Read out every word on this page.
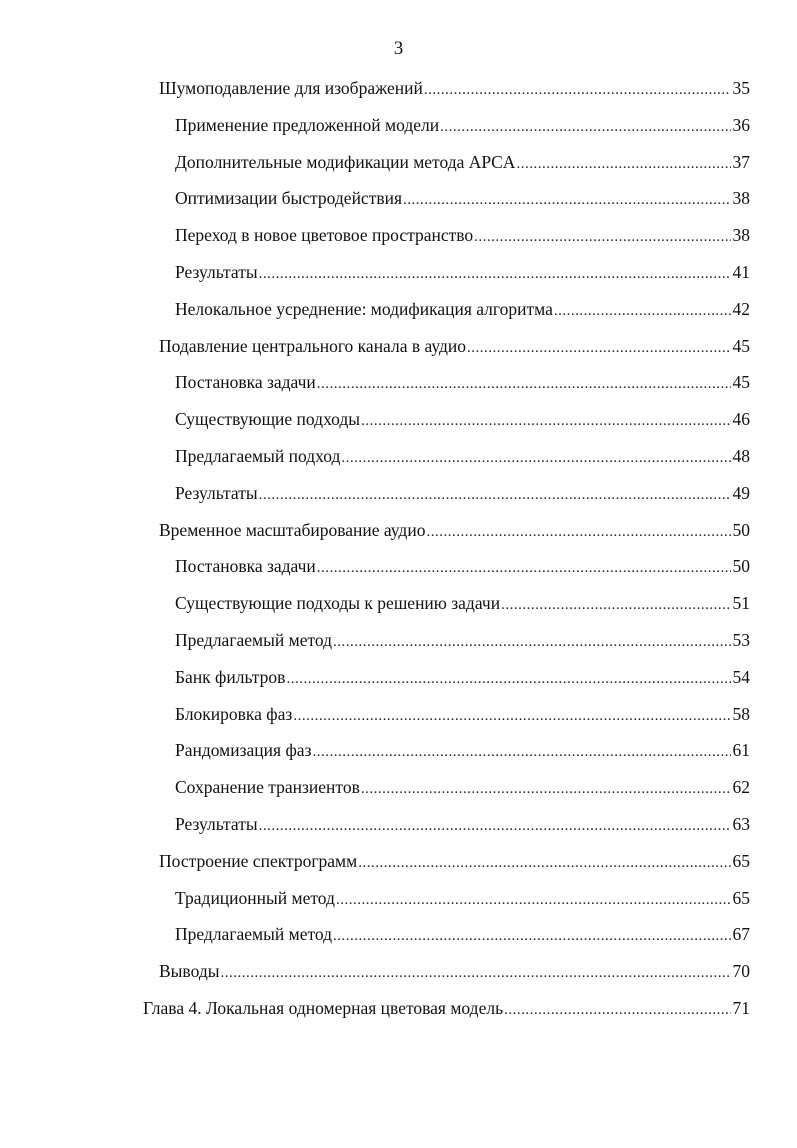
3
Шумоподавление для изображений .....	35
Применение предложенной модели .....	36
Дополнительные модификации метода APCA .....	37
Оптимизации быстродействия .....	38
Переход в новое цветовое пространство .....	38
Результаты .....	41
Нелокальное усреднение: модификация алгоритма .....	42
Подавление центрального канала в аудио .....	45
Постановка задачи .....	45
Существующие подходы .....	46
Предлагаемый подход .....	48
Результаты .....	49
Временное масштабирование аудио .....	50
Постановка задачи .....	50
Существующие подходы к решению задачи .....	51
Предлагаемый метод .....	53
Банк фильтров .....	54
Блокировка фаз .....	58
Рандомизация фаз .....	61
Сохранение транзиентов .....	62
Результаты .....	63
Построение спектрограмм .....	65
Традиционный метод .....	65
Предлагаемый метод .....	67
Выводы .....	70
Глава 4. Локальная одномерная цветовая модель .....	71
